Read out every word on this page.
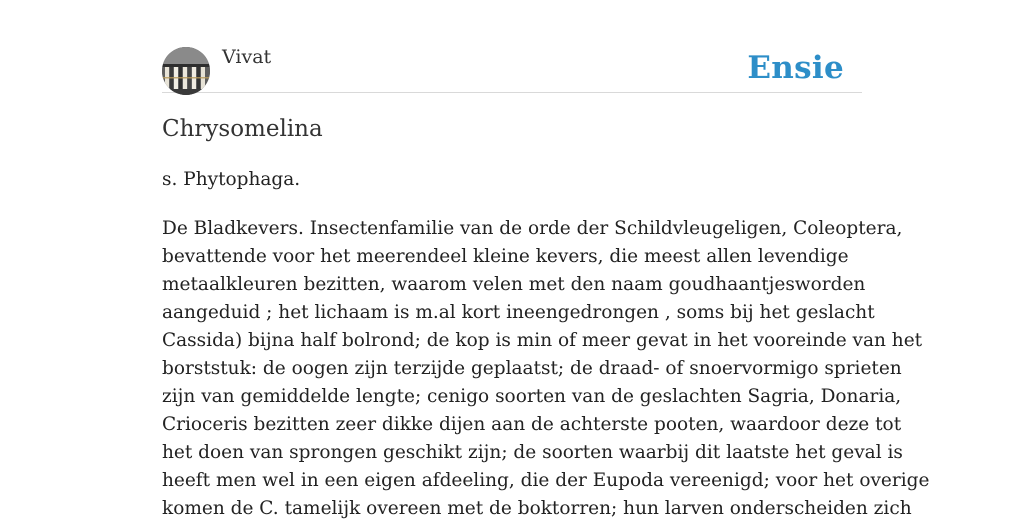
Vivat	Ensie
Chrysomelina

s. Phytophaga.

De Bladkevers. Insectenfamilie van de orde der Schildvleugeligen, Coleoptera,
bevattende voor het meerendeel kleine kevers, die meest allen levendige
metaalkleuren bezitten, waarom velen met den naam goudhaantjesworden
aangeduid ; het lichaam is m.al kort ineengedrongen , soms bij het geslacht
Cassida) bijna half bolrond; de kop is min of meer gevat in het vooreinde van het
borststuk: de oogen zijn terzijde geplaatst; de draad- of snoervormigo sprieten
zijn van gemiddelde lengte; cenigo soorten van de geslachten Sagria, Donaria,
Crioceris bezitten zeer dikke dijen aan de achterste pooten, waardoor deze tot
het doen van sprongen geschikt zijn; de soorten waarbij dit laatste het geval is
heeft men wel in een eigen afdeeling, die der Eupoda vereenigd; voor het overige
komen de C. tamelijk overeen met de boktorren; hun larven onderscheiden zich
